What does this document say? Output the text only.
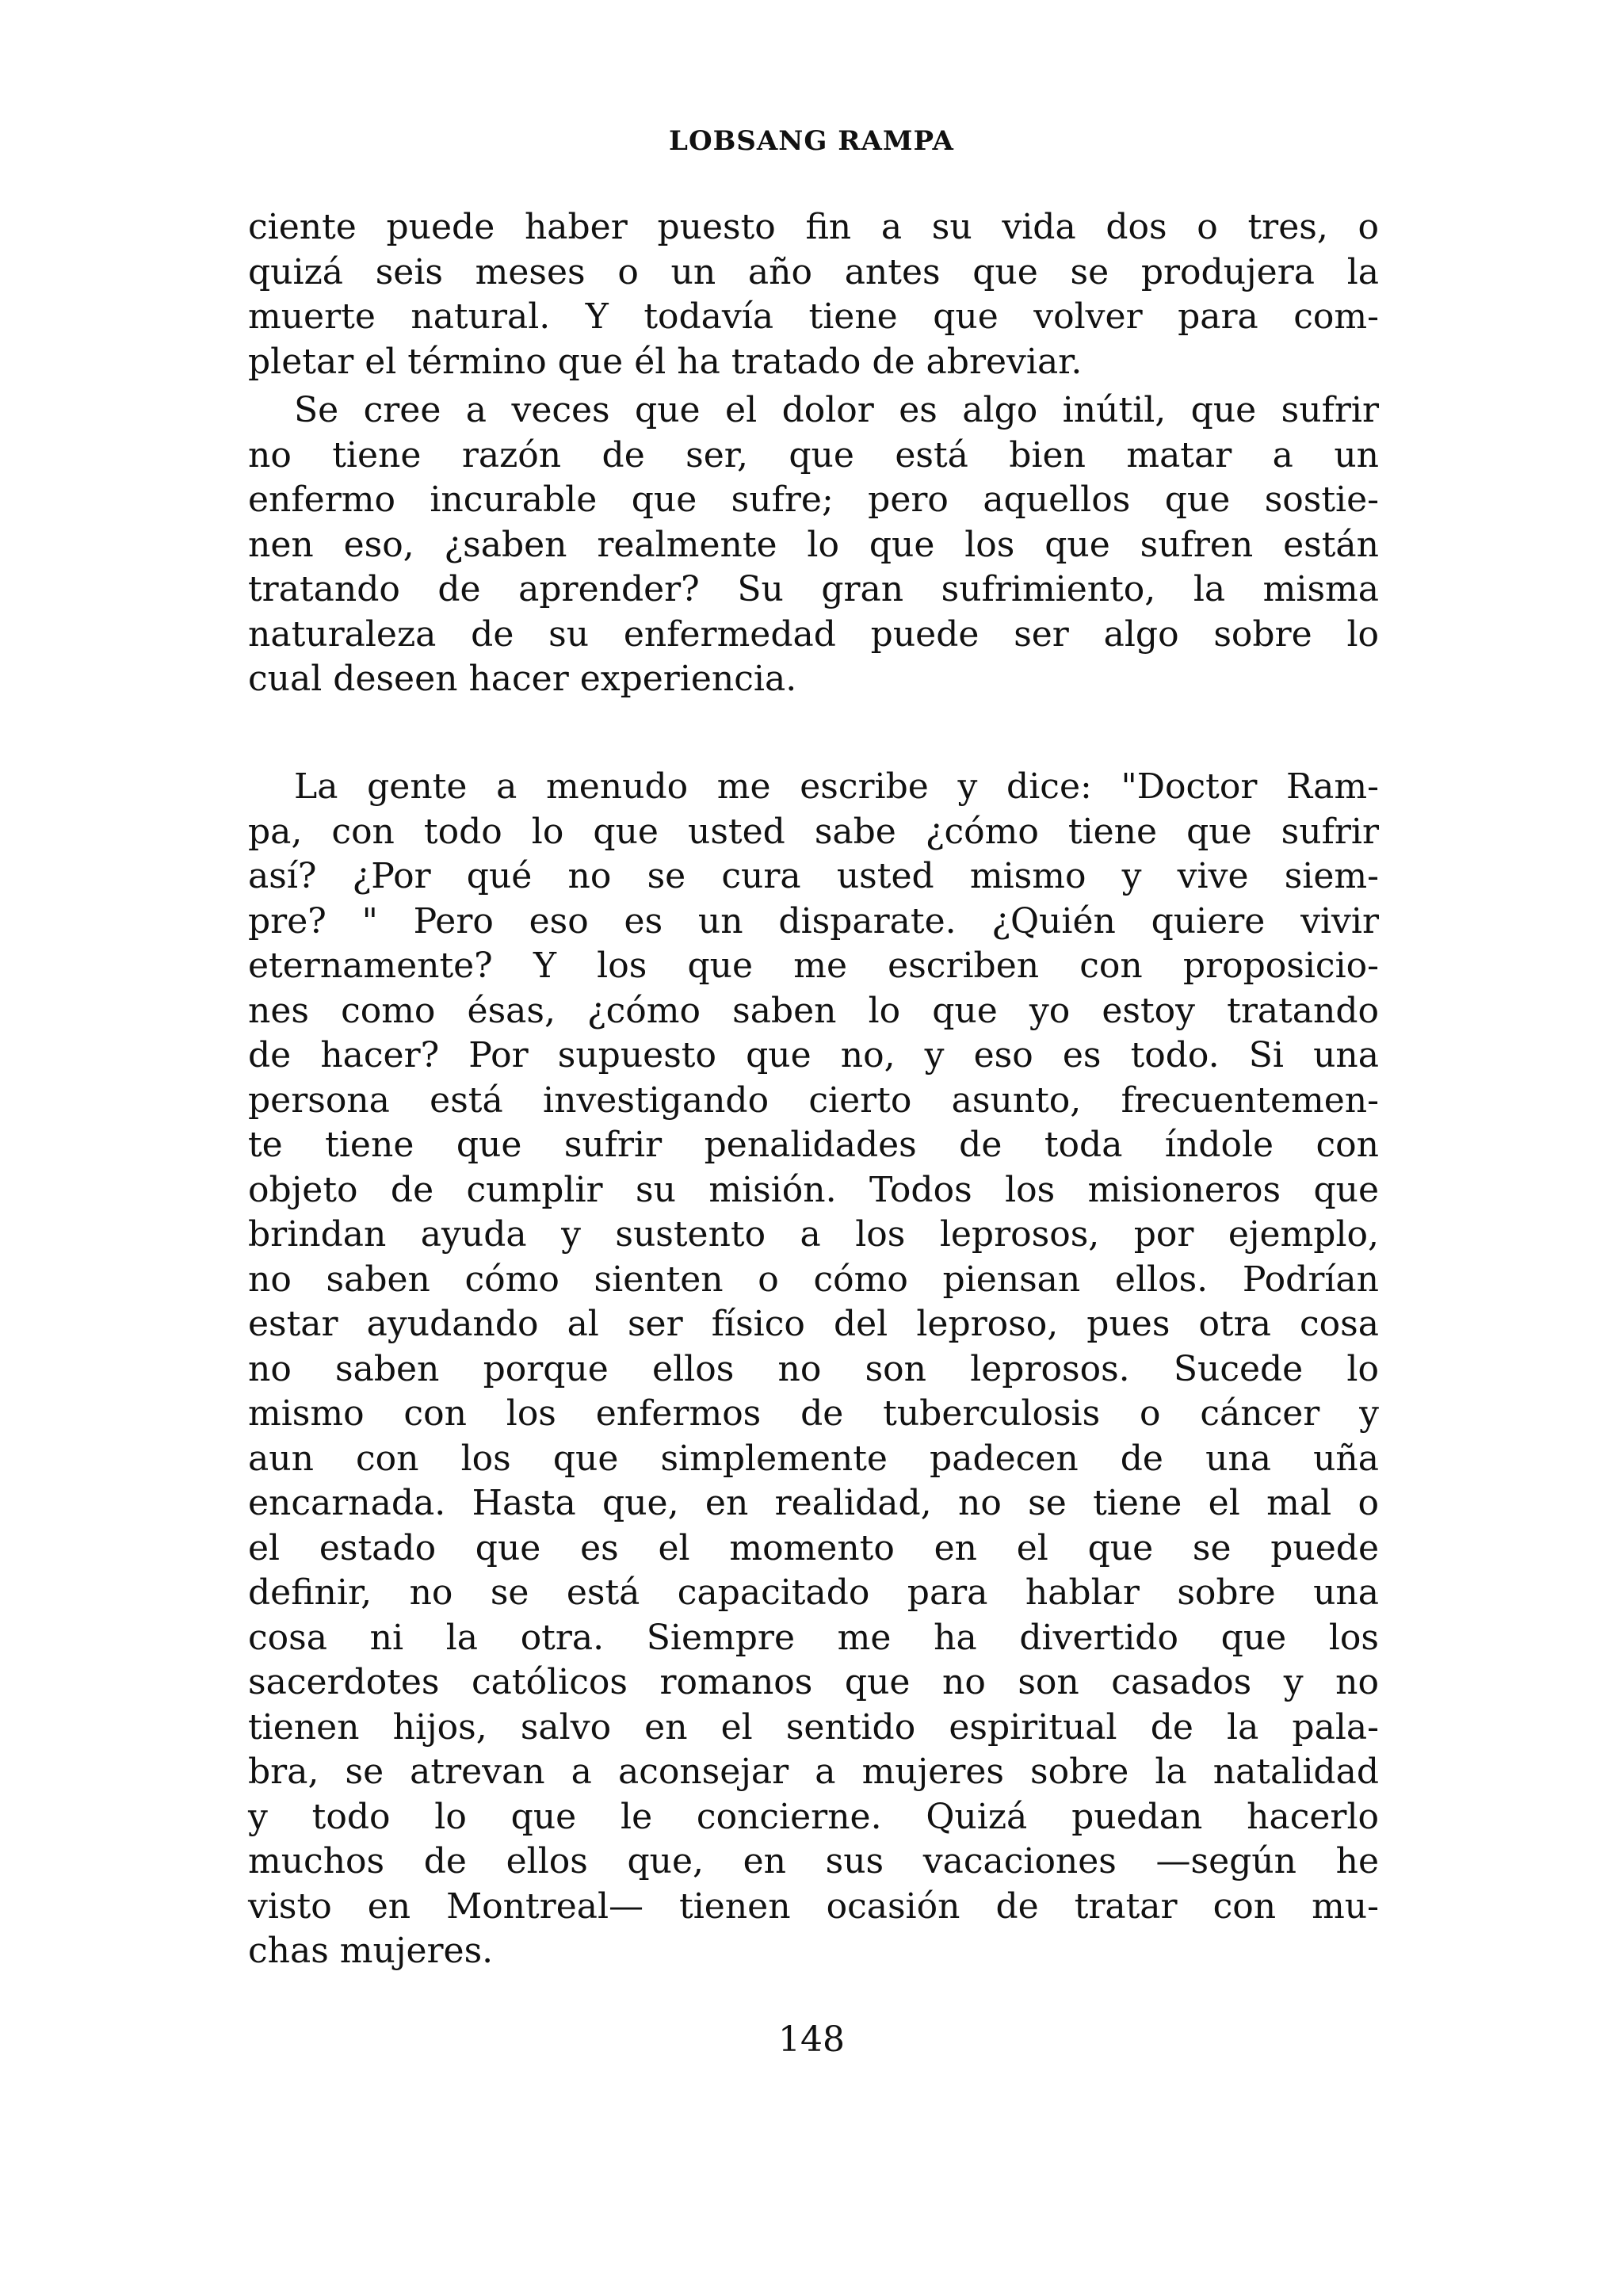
LOBSANG RAMPA
ciente puede haber puesto fin a su vida dos o tres, o
quizá seis meses o un año antes que se produjera la
muerte natural. Y todavía tiene que volver para com-
pletar el término que él ha tratado de abreviar.
Se cree a veces que el dolor es algo inútil, que sufrir
no tiene razón de ser, que está bien matar a un
enfermo incurable que sufre; pero aquellos que sostie-
nen eso, ¿saben realmente lo que los que sufren están
tratando de aprender? Su gran sufrimiento, la misma
naturaleza de su enfermedad puede ser algo sobre lo
cual deseen hacer experiencia.
La gente a menudo me escribe y dice: "Doctor Ram-
pa, con todo lo que usted sabe ¿cómo tiene que sufrir
así? ¿Por qué no se cura usted mismo y vive siem-
pre? " Pero eso es un disparate. ¿Quién quiere vivir
eternamente? Y los que me escriben con proposicio-
nes como ésas, ¿cómo saben lo que yo estoy tratando
de hacer? Por supuesto que no, y eso es todo. Si una
persona está investigando cierto asunto, frecuentemen-
te tiene que sufrir penalidades de toda índole con
objeto de cumplir su misión. Todos los misioneros que
brindan ayuda y sustento a los leprosos, por ejemplo,
no saben cómo sienten o cómo piensan ellos. Podrían
estar ayudando al ser físico del leproso, pues otra cosa
no saben porque ellos no son leprosos. Sucede lo
mismo con los enfermos de tuberculosis o cáncer y
aun con los que simplemente padecen de una uña
encarnada. Hasta que, en realidad, no se tiene el mal o
el estado que es el momento en el que se puede
definir, no se está capacitado para hablar sobre una
cosa ni la otra. Siempre me ha divertido que los
sacerdotes católicos romanos que no son casados y no
tienen hijos, salvo en el sentido espiritual de la pala-
bra, se atrevan a aconsejar a mujeres sobre la natalidad
y todo lo que le concierne. Quizá puedan hacerlo
muchos de ellos que, en sus vacaciones —según he
visto en Montreal— tienen ocasión de tratar con mu-
chas mujeres.
148
